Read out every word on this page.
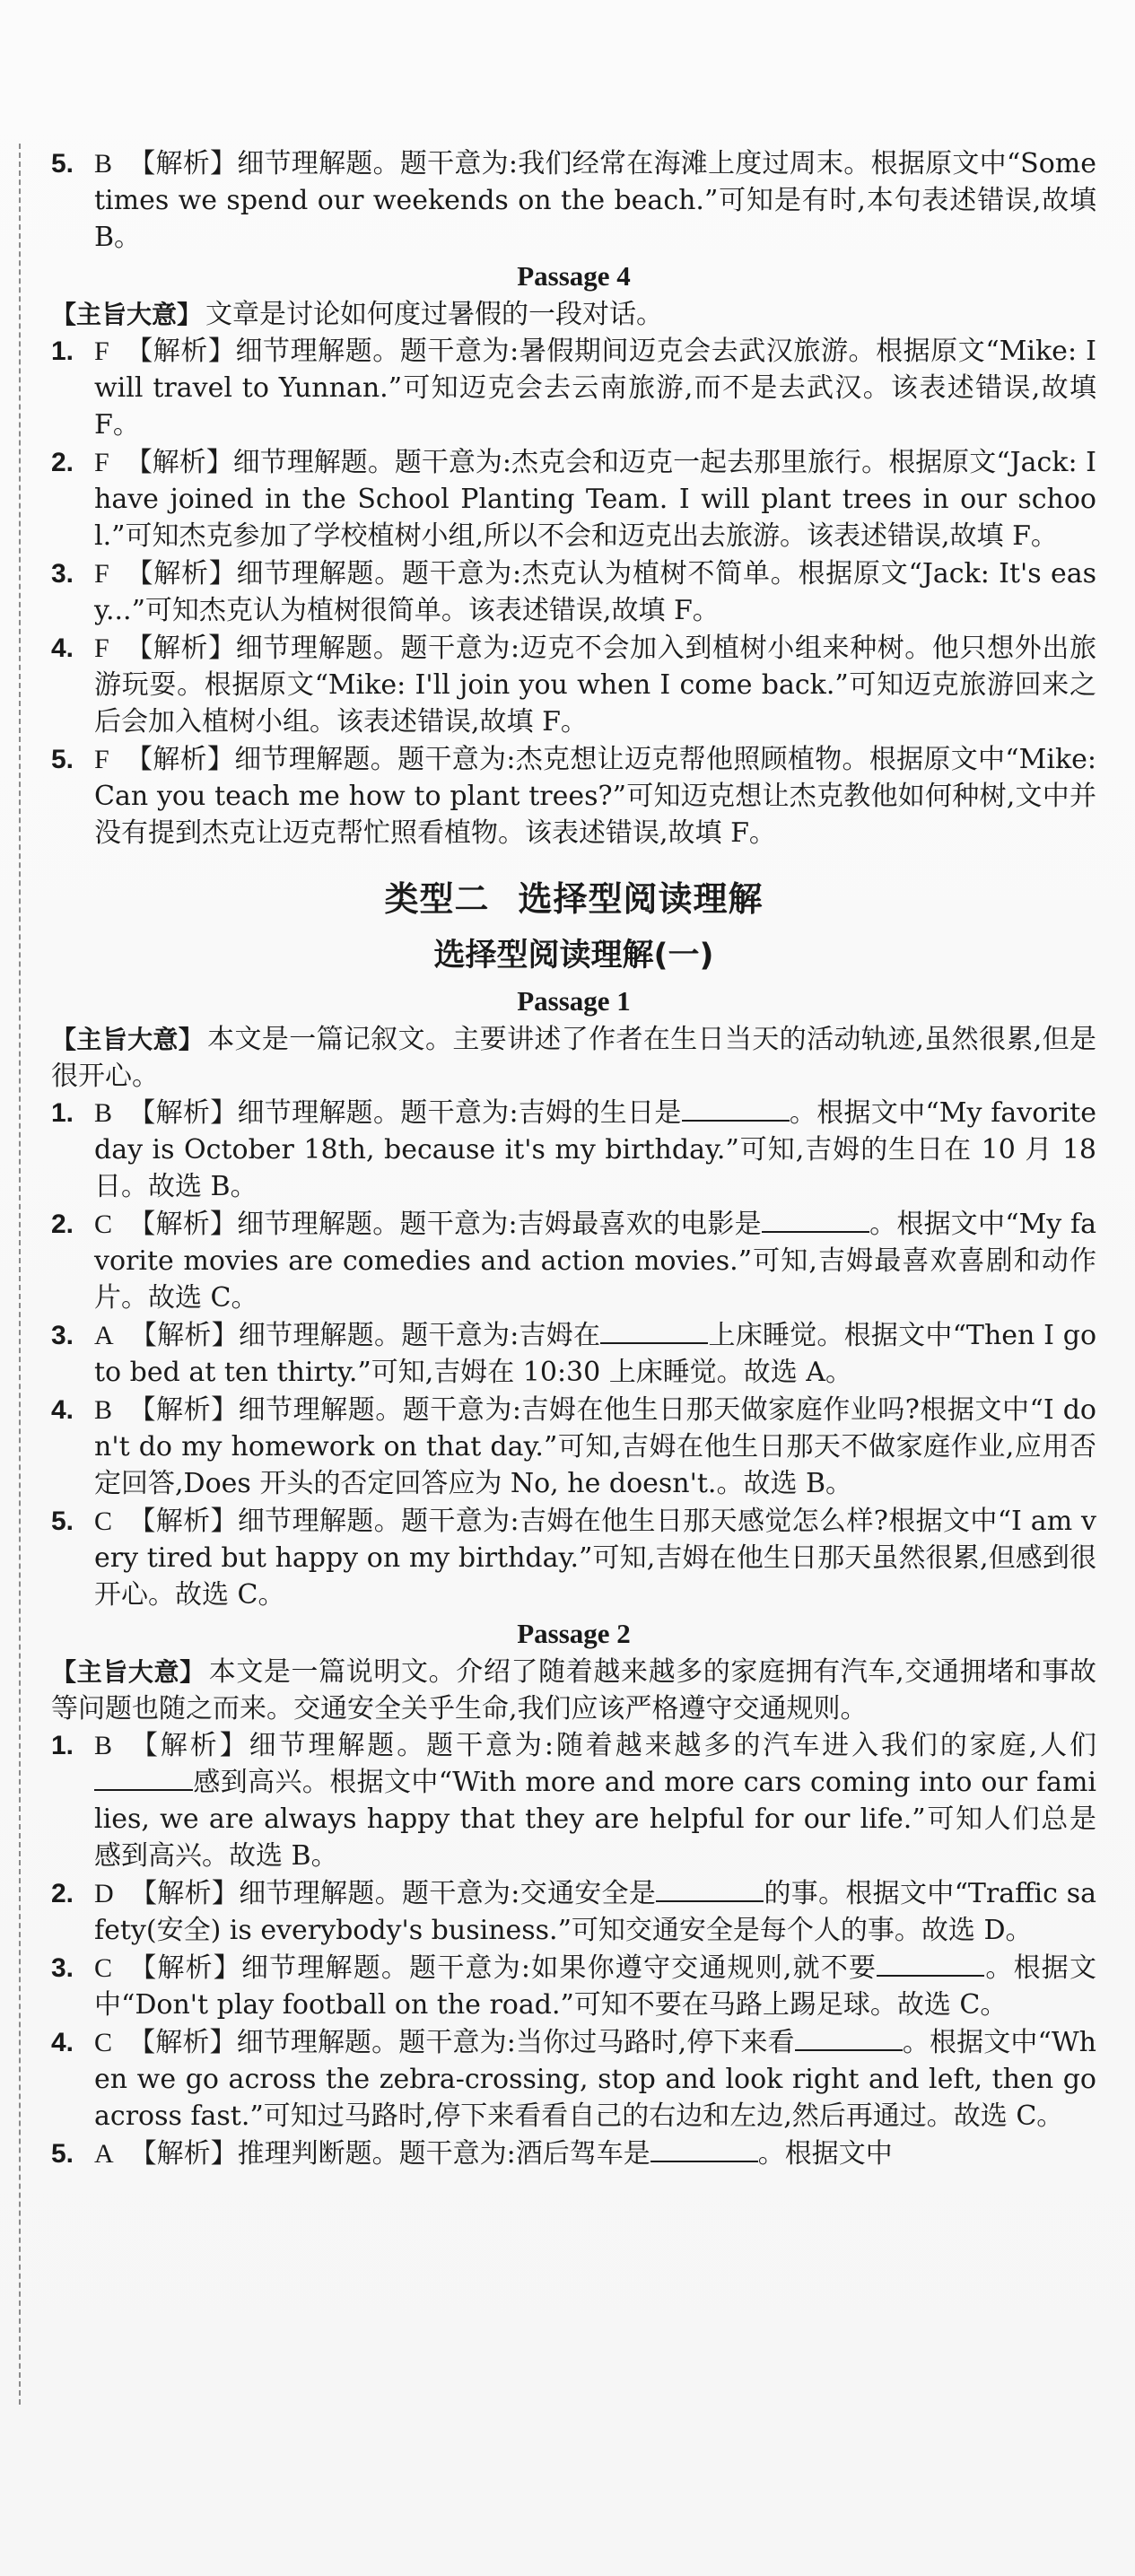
5. B 【解析】细节理解题。题干意为:我们经常在海滩上度过周末。根据原文中“Sometimes we spend our weekends on the beach.”可知是有时,本句表述错误,故填 B。
Passage 4
【主旨大意】 文章是讨论如何度过暑假的一段对话。
1. F 【解析】细节理解题。题干意为:暑假期间迈克会去武汉旅游。根据原文“Mike: I will travel to Yunnan.”可知迈克会去云南旅游,而不是去武汉。该表述错误,故填 F。
2. F 【解析】细节理解题。题干意为:杰克会和迈克一起去那里旅行。根据原文“Jack: I have joined in the School Planting Team. I will plant trees in our school.”可知杰克参加了学校植树小组,所以不会和迈克出去旅游。该表述错误,故填 F。
3. F 【解析】细节理解题。题干意为:杰克认为植树不简单。根据原文“Jack: It's easy...”可知杰克认为植树很简单。该表述错误,故填 F。
4. F 【解析】细节理解题。题干意为:迈克不会加入到植树小组来种树。他只想外出旅游玩耍。根据原文“Mike: I'll join you when I come back.”可知迈克旅游回来之后会加入植树小组。该表述错误,故填 F。
5. F 【解析】细节理解题。题干意为:杰克想让迈克帮他照顾植物。根据原文中“Mike: Can you teach me how to plant trees?”可知迈克想让杰克教他如何种树,文中并没有提到杰克让迈克帮忙照看植物。该表述错误,故填 F。
类型二 选择型阅读理解
选择型阅读理解(一)
Passage 1
【主旨大意】 本文是一篇记叙文。主要讲述了作者在生日当天的活动轨迹,虽然很累,但是很开心。
1. B 【解析】细节理解题。题干意为:吉姆的生日是	。根据文中“My favorite day is October 18th, because it's my birthday.”可知,吉姆的生日在 10 月 18 日。故选 B。
2. C 【解析】细节理解题。题干意为:吉姆最喜欢的电影是	。根据文中“My favorite movies are comedies and action movies.”可知,吉姆最喜欢喜剧和动作片。故选 C。
3. A 【解析】细节理解题。题干意为:吉姆在	上床睡觉。根据文中“Then I go to bed at ten thirty.”可知,吉姆在 10:30 上床睡觉。故选 A。
4. B 【解析】细节理解题。题干意为:吉姆在他生日那天做家庭作业吗?根据文中“I don't do my homework on that day.”可知,吉姆在他生日那天不做家庭作业,应用否定回答,Does 开头的否定回答应为 No, he doesn't.。故选 B。
5. C 【解析】细节理解题。题干意为:吉姆在他生日那天感觉怎么样?根据文中“I am very tired but happy on my birthday.”可知,吉姆在他生日那天虽然很累,但感到很开心。故选 C。
Passage 2
【主旨大意】 本文是一篇说明文。介绍了随着越来越多的家庭拥有汽车,交通拥堵和事故等问题也随之而来。交通安全关乎生命,我们应该严格遵守交通规则。
1. B 【解析】细节理解题。题干意为:随着越来越多的汽车进入我们的家庭,人们感到高兴。根据文中“With more and more cars coming into our families, we are always happy that they are helpful for our life.”可知人们总是感到高兴。故选 B。
2. D 【解析】细节理解题。题干意为:交通安全是	的事。根据文中“Traffic safety(安全) is everybody's business.”可知交通安全是每个人的事。故选 D。
3. C 【解析】细节理解题。题干意为:如果你遵守交通规则,就不要	。根据文中“Don't play football on the road.”可知不要在马路上踢足球。故选 C。
4. C 【解析】细节理解题。题干意为:当你过马路时,停下来看	。根据文中“When we go across the zebra-crossing, stop and look right and left, then go across fast.”可知过马路时,停下来看看自己的右边和左边,然后再通过。故选 C。
5. A 【解析】推理判断题。题干意为:酒后驾车是	。根据文中
